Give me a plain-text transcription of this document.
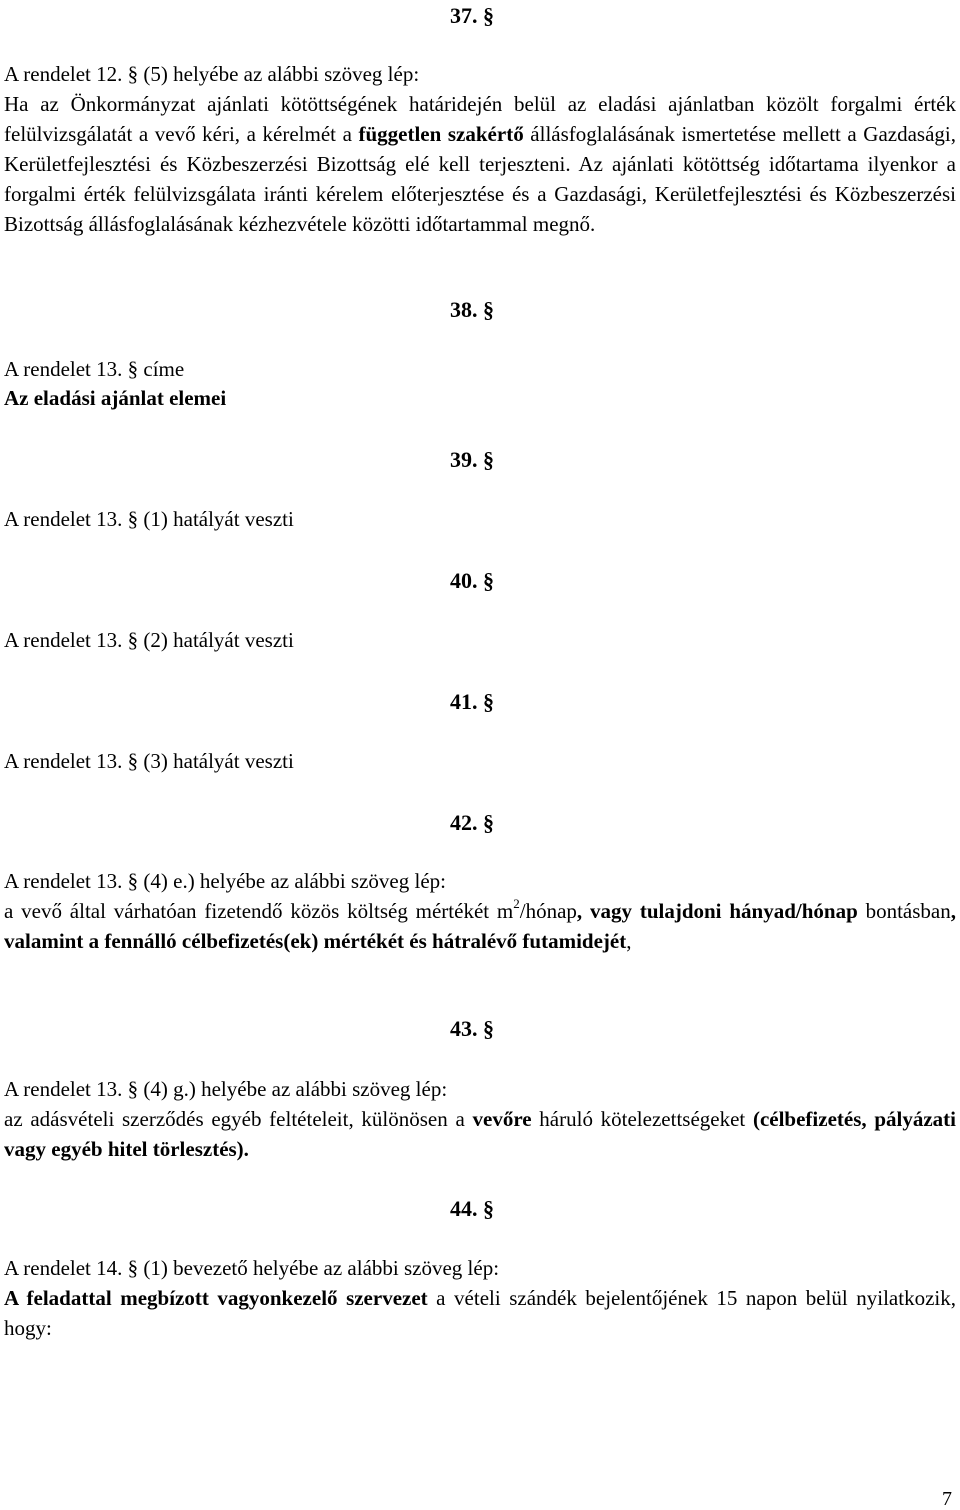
37. §
A rendelet 12. § (5) helyébe az alábbi szöveg lép:
Ha az Önkormányzat ajánlati kötöttségének határidején belül az eladási ajánlatban közölt forgalmi érték felülvizsgálatát a vevő kéri, a kérelmét a független szakértő állásfoglalásának ismertetése mellett a Gazdasági, Kerületfejlesztési és Közbeszerzési Bizottság elé kell terjeszteni. Az ajánlati kötöttség időtartama ilyenkor a forgalmi érték felülvizsgálata iránti kérelem előterjesztése és a Gazdasági, Kerületfejlesztési és Közbeszerzési Bizottság állásfoglalásának kézhezvétele közötti időtartammal megnő.
38. §
A rendelet 13. § címe
Az eladási ajánlat elemei
39. §
A rendelet 13. § (1) hatályát veszti
40. §
A rendelet 13. § (2) hatályát veszti
41. §
A rendelet 13. § (3) hatályát veszti
42. §
A rendelet 13. § (4) e.) helyébe az alábbi szöveg lép:
a vevő által várhatóan fizetendő közös költség mértékét $m^2$/hónap, vagy tulajdoni hányad/hónap bontásban, valamint a fennálló célbefizetés(ek) mértékét és hátralévő futamidejét,
43. §
A rendelet 13. § (4) g.) helyébe az alábbi szöveg lép:
az adásvételi szerződés egyéb feltételeit, különösen a vevőre háruló kötelezettségeket (célbefizetés, pályázati vagy egyéb hitel törlesztés).
44. §
A rendelet 14. § (1) bevezető helyébe az alábbi szöveg lép:
A feladattal megbízott vagyonkezelő szervezet a vételi szándék bejelentőjének 15 napon belül nyilatkozik, hogy:
7
